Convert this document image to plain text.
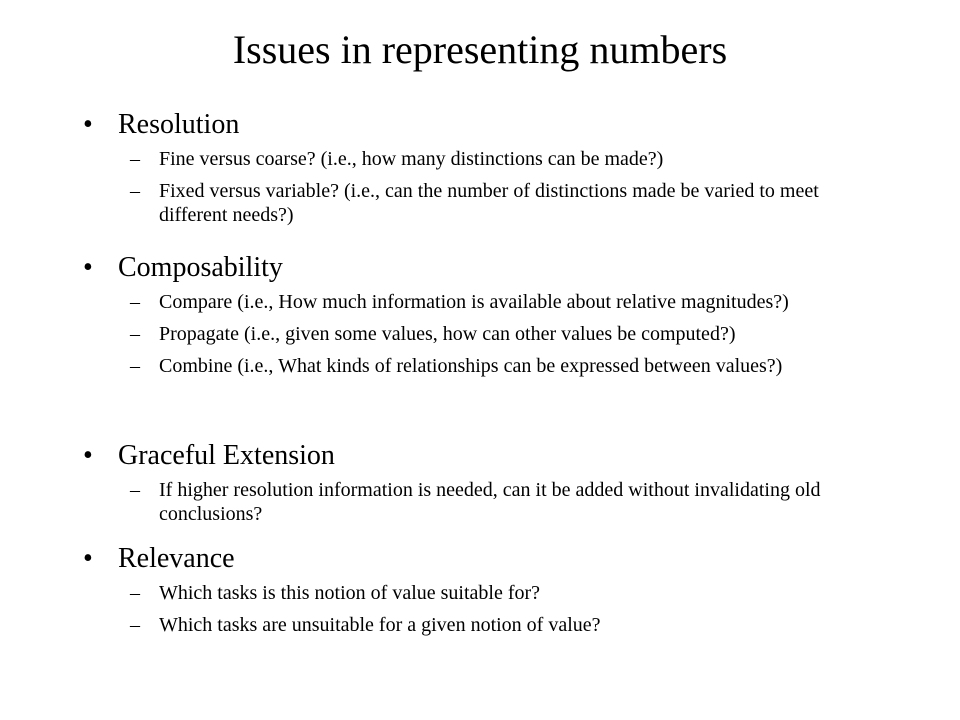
Issues in representing numbers
• Resolution
– Fine versus coarse? (i.e., how many distinctions can be made?)
– Fixed versus variable? (i.e., can the number of distinctions made be varied to meet different needs?)
• Composability
– Compare (i.e., How much information is available about relative magnitudes?)
– Propagate (i.e., given some values, how can other values be computed?)
– Combine (i.e., What kinds of relationships can be expressed between values?)
• Graceful Extension
– If higher resolution information is needed, can it be added without invalidating old conclusions?
• Relevance
– Which tasks is this notion of value suitable for?
– Which tasks are unsuitable for a given notion of value?
